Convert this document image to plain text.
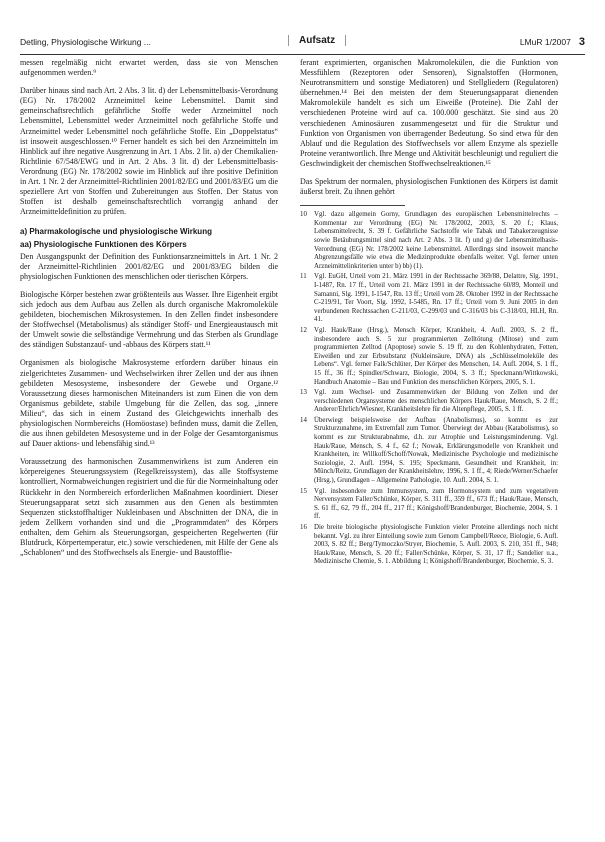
Detling, Physiologische Wirkung ...	Aufsatz	LMuR 1/2007 3

messen regelmäßig nicht erwartet werden, dass sie von Menschen aufgenommen werden.⁹

Darüber hinaus sind nach Art. 2 Abs. 3 lit. d) der Lebensmittelbasis-Verordnung (EG) Nr. 178/2002 Arzneimittel keine Lebensmittel. Damit sind gemeinschaftsrechtlich gefährliche Stoffe weder Arzneimittel noch Lebensmittel, Lebensmittel weder Arzneimittel noch gefährliche Stoffe und Arzneimittel weder Lebensmittel noch gefährliche Stoffe. Ein „Doppelstatus“ ist insoweit ausgeschlossen.¹⁰ Ferner handelt es sich bei den Arzneimitteln im Hinblick auf ihre negative Ausgrenzung in Art. 1 Abs. 2 lit. a) der Chemikalien-Richtlinie 67/548/EWG und in Art. 2 Abs. 3 lit. d) der Lebensmittelbasis-Verordnung (EG) Nr. 178/2002 sowie im Hinblick auf ihre positive Definition in Art. 1 Nr. 2 der Arzneimittel-Richtlinien 2001/82/EG und 2001/83/EG um die speziellere Art von Stoffen und Zubereitungen aus Stoffen. Der Status von Stoffen ist deshalb gemeinschaftsrechtlich vorrangig anhand der Arzneimitteldefinition zu prüfen.

a) Pharmakologische und physiologische Wirkung
aa) Physiologische Funktionen des Körpers

Den Ausgangspunkt der Definition des Funktionsarzneimittels in Art. 1 Nr. 2 der Arzneimittel-Richtlinien 2001/82/EG und 2001/83/EG bilden die physiologischen Funktionen des menschlichen oder tierischen Körpers.

Biologische Körper bestehen zwar größtenteils aus Wasser. Ihre Eigenheit ergibt sich jedoch aus dem Aufbau aus Zellen als durch organische Makromoleküle gebildeten, biochemischen Mikrosystemen. In den Zellen findet insbesondere der Stoffwechsel (Metabolismus) als ständiger Stoff- und Energieaustausch mit der Umwelt sowie die selbständige Vermehrung und das Sterben als Grundlage des ständigen Substanzauf- und -abbaus des Körpers statt.¹¹

Organismen als biologische Makrosysteme erfordern darüber hinaus ein zielgerichtetes Zusammen- und Wechselwirken ihrer Zellen und der aus ihnen gebildeten Mesosysteme, insbesondere der Gewebe und Organe.¹² Voraussetzung dieses harmonischen Miteinanders ist zum Einen die von dem Organismus gebildete, stabile Umgebung für die Zellen, das sog. „innere Milieu“, das sich in einem Zustand des Gleichgewichts innerhalb des physiologischen Normbereichs (Homöostase) befinden muss, damit die Zellen, die aus ihnen gebildeten Mesosysteme und in der Folge der Gesamtorganismus auf Dauer aktions- und lebensfähig sind.¹³

Voraussetzung des harmonischen Zusammenwirkens ist zum Anderen ein körpereigenes Steuerungssystem (Regelkreissystem), das alle Stoffsysteme kontrolliert, Normabweichungen registriert und die für die Normeinhaltung oder Rückkehr in den Normbereich erforderlichen Maßnahmen koordiniert. Dieser Steuerungsapparat setzt sich zusammen aus den Genen als bestimmten Sequenzen stickstoffhaltiger Nukleinbasen und Abschnitten der DNA, die in jedem Zellkern vorhanden sind und die „Programmdaten“ des Körpers enthalten, dem Gehirn als Steuerungsorgan, gespeicherten Regelwerten (für Blutdruck, Körpertemperatur, etc.) sowie verschiedenen, mit Hilfe der Gene als „Schablonen“ und des Stoffwechsels als Energie- und Baustofflie-

ferant exprimierten, organischen Makromolekülen, die die Funktion von Messfühlern (Rezeptoren oder Sensoren), Signalstoffen (Hormonen, Neurotransmittern und sonstige Mediatoren) und Stellgliedern (Regulatoren) übernehmen.¹⁴ Bei den meisten der dem Steuerungsapparat dienenden Makromoleküle handelt es sich um Eiweiße (Proteine). Die Zahl der verschiedenen Proteine wird auf ca. 100.000 geschätzt. Sie sind aus 20 verschiedenen Aminosäuren zusammengesetzt und für die Struktur und Funktion von Organismen von überragender Bedeutung. So sind etwa für den Ablauf und die Regulation des Stoffwechsels vor allem Enzyme als spezielle Proteine verantwortlich. Ihre Menge und Aktivität beschleunigt und reguliert die Geschwindigkeit der chemischen Stoffwechselreaktionen.¹⁵

Das Spektrum der normalen, physiologischen Funktionen des Körpers ist damit äußerst breit. Zu ihnen gehört

10	Vgl. dazu allgemein Gorny, Grundlagen des europäischen Lebensmittelrechts – Kommentar zur Verordnung (EG) Nr. 178/2002, 2003, S. 20 f.; Klaus, Lebensmittelrecht, S. 39 f. Gefährliche Sachstoffe wie Tabak und Tabakerzeugnisse sowie Betäubungsmittel sind nach Art. 2 Abs. 3 lit. f) und g) der Lebensmittelbasis-Verordnung (EG) Nr. 178/2002 keine Lebensmittel. Allerdings sind insoweit manche Abgrenzungsfälle wie etwa die Medizinprodukte ebenfalls weiter. Vgl. ferner unten Arzneimittelinkriterien unter b) bb) (1).
11	Vgl. EuGH, Urteil vom 21. März 1991 in der Rechtssache 369/88, Delattre, Slg. 1991, I-1487, Rn. 17 ff., Urteil vom 21. März 1991 in der Rechtssache 60/89, Monteil und Samanni, Slg. 1991, I-1547, Rn. 13 ff.; Urteil vom 28. Oktober 1992 in der Rechtssache C-219/91, Ter Voort, Slg. 1992, I-5485, Rn. 17 ff.; Urteil vom 9. Juni 2005 in den verbundenen Rechtssachen C-211/03, C-299/03 und C-316/03 bis C-318/03, HLH, Rn. 41.
12	Vgl. Hauk/Raue (Hrsg.), Mensch Körper, Krankheit, 4. Aufl. 2003, S. 2 ff., insbesondere auch S. 5 zur programmierten Zelltötung (Mitose) und zum programmierten Zelltod (Apoptose) sowie S. 19 ff. zu den Kohlenhydraten, Fetten, Eiweißen und zur Erbsubstanz (Nukleinsäure, DNA) als „Schlüsselmoleküle des Lebens“. Vgl. ferner Falk/Schlüter, Der Körper des Menschen, 14. Aufl. 2004, S. 1 ff., 15 ff., 36 ff.; Spindler/Schwarz, Biologie, 2004, S. 3 ff.; Speckmann/Wittkowski, Handbuch Anatomie – Bau und Funktion des menschlichen Körpers, 2005, S. 1.
13	Vgl. zum Wechsel- und Zusammenwirken der Bildung von Zellen und der verschiedenen Organsysteme des menschlichen Körpers Hauk/Raue, Mensch, S. 2 ff.; Anderer/Ehrlich/Wiesner, Krankheitslehre für die Altenpflege, 2005, S. 1 ff.
14	Überwiegt beispielsweise der Aufbau (Anabolismus), so kommt es zur Strukturzunahme, im Extremfall zum Tumor. Überwiegt der Abbau (Katabolismus), so kommt es zur Strukturabnahme, d.h. zur Atrophie und Leistungsminderung. Vgl. Hauk/Raue, Mensch, S. 4 f., 62 f.; Nowak, Erklärungsmodelle von Krankheit und Krankheiten, in: Willkoff/Schoff/Nowak, Medizinische Psychologie und medizinische Soziologie, 2. Aufl. 1994, S. 195; Speckmann, Gesundheit und Krankheit, in: Münch/Reitz, Grundlagen der Krankheitslehre, 1996, S. 1 ff., 4; Riede/Werner/Schaefer (Hrsg.), Grundlagen – Allgemeine Pathologie, 10. Aufl. 2004, S. 1.
15	Vgl. insbesondere zum Immunsystem, zum Hormonsystem und zum vegetativen Nervensystem Faller/Schünke, Körper, S. 311 ff., 359 ff., 673 ff.; Hauk/Raue, Mensch, S. 61 ff., 62, 79 ff., 204 ff., 217 ff.; Königshoff/Brandenburger, Biochemie, 2004, S. 1 ff.
16	Die breite biologische physiologische Funktion vieler Proteine allerdings noch nicht bekannt. Vgl. zu ihrer Einteilung sowie zum Genom Campbell/Reece, Biologie, 6. Aufl. 2003, S. 82 ff.; Berg/Tymoczko/Stryer, Biochemie, 5. Aufl. 2003, S. 210, 351 ff., 948; Hauk/Raue, Mensch, S. 20 ff.; Faller/Schünke, Körper, S. 31, 17 ff.; Sandelier u.a., Medizinische Chemie, S. 1. Abbildung 1; Königshoff/Brandenburger, Biochemie, S. 3.
